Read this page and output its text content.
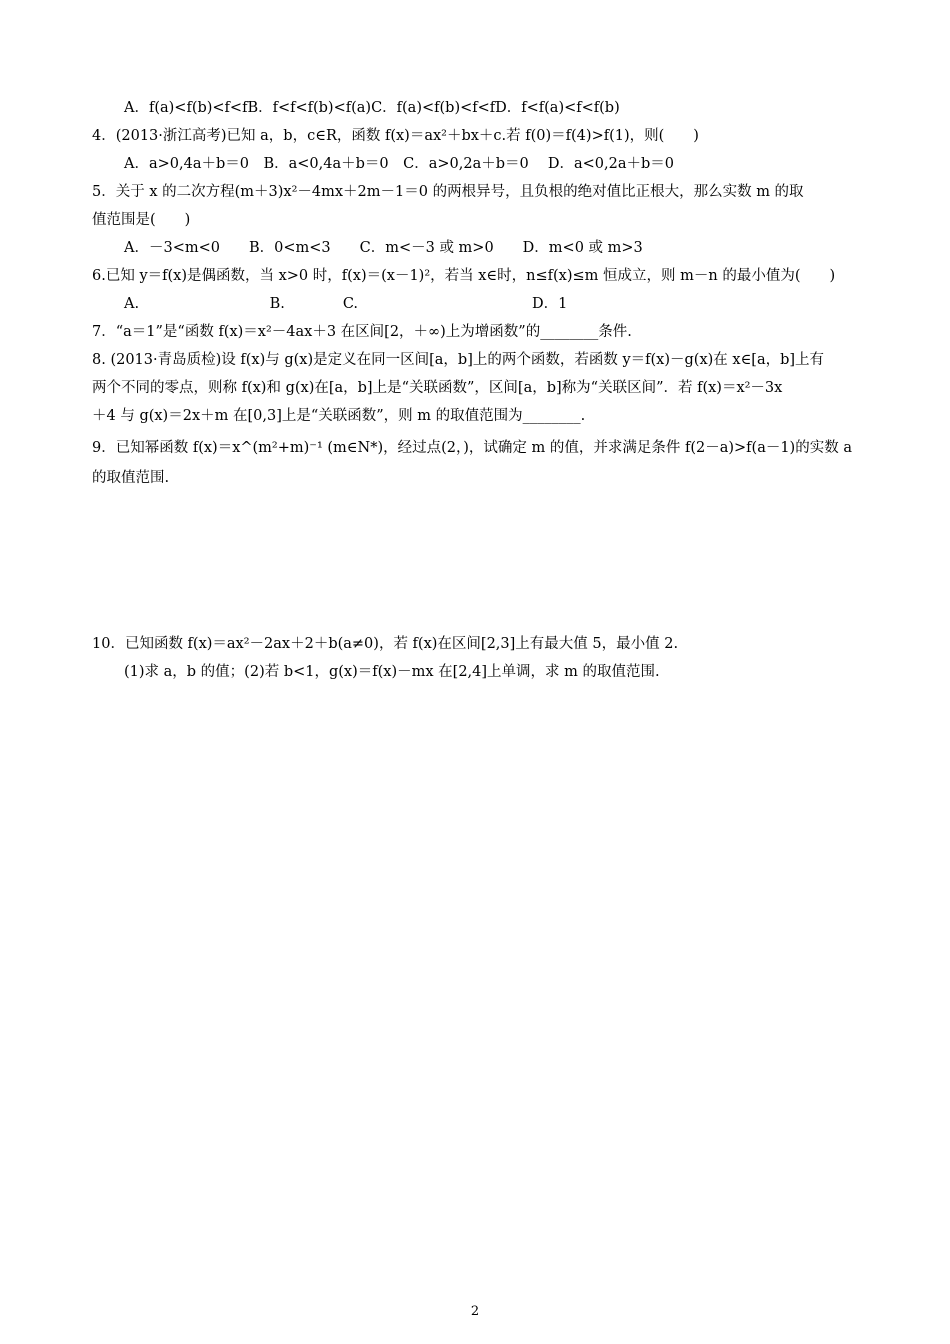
A．f(a)<f(b)<f<fB．f<f<f(b)<f(a)C．f(a)<f(b)<f<fD．f<f(a)<f<f(b)
4．(2013·浙江高考)已知 a，b，c∈R，函数 f(x)＝ax²＋bx＋c.若 f(0)＝f(4)>f(1)，则(　　)
A．a>0,4a＋b＝0　B．a<0,4a＋b＝0　C．a>0,2a＋b＝0　 D．a<0,2a＋b＝0
5．关于 x 的二次方程(m＋3)x²－4mx＋2m－1＝0 的两根异号，且负根的绝对值比正根大，那么实数 m 的取
值范围是(　　)
A．－3<m<0　　B．0<m<3　　C．m<－3 或 m>0　　D．m<0 或 m>3
6.已知 y＝f(x)是偶函数，当 x>0 时，f(x)＝(x－1)²，若当 x∈时，n≤f(x)≤m 恒成立，则 m－n 的最小值为(　　)
A.　　　　　　　　　B.　　　　C.　　　　　　　　　　　　D．1
7．“a＝1”是“函数 f(x)＝x²－4ax＋3 在区间[2，＋∞)上为增函数”的________条件.
8. (2013·青岛质检)设 f(x)与 g(x)是定义在同一区间[a，b]上的两个函数，若函数 y＝f(x)－g(x)在 x∈[a，b]上有
两个不同的零点，则称 f(x)和 g(x)在[a，b]上是“关联函数”，区间[a，b]称为“关联区间”．若 f(x)＝x²－3x
＋4 与 g(x)＝2x＋m 在[0,3]上是“关联函数”，则 m 的取值范围为________.
9．已知幂函数 f(x)＝x^(m²+m)⁻¹ (m∈N*)，经过点(2，)，试确定 m 的值，并求满足条件 f(2－a)>f(a－1)的实数 a
的取值范围.
10．已知函数 f(x)＝ax²－2ax＋2＋b(a≠0)，若 f(x)在区间[2,3]上有最大值 5，最小值 2.
(1)求 a，b 的值；(2)若 b<1，g(x)＝f(x)－mx 在[2,4]上单调，求 m 的取值范围.
2
